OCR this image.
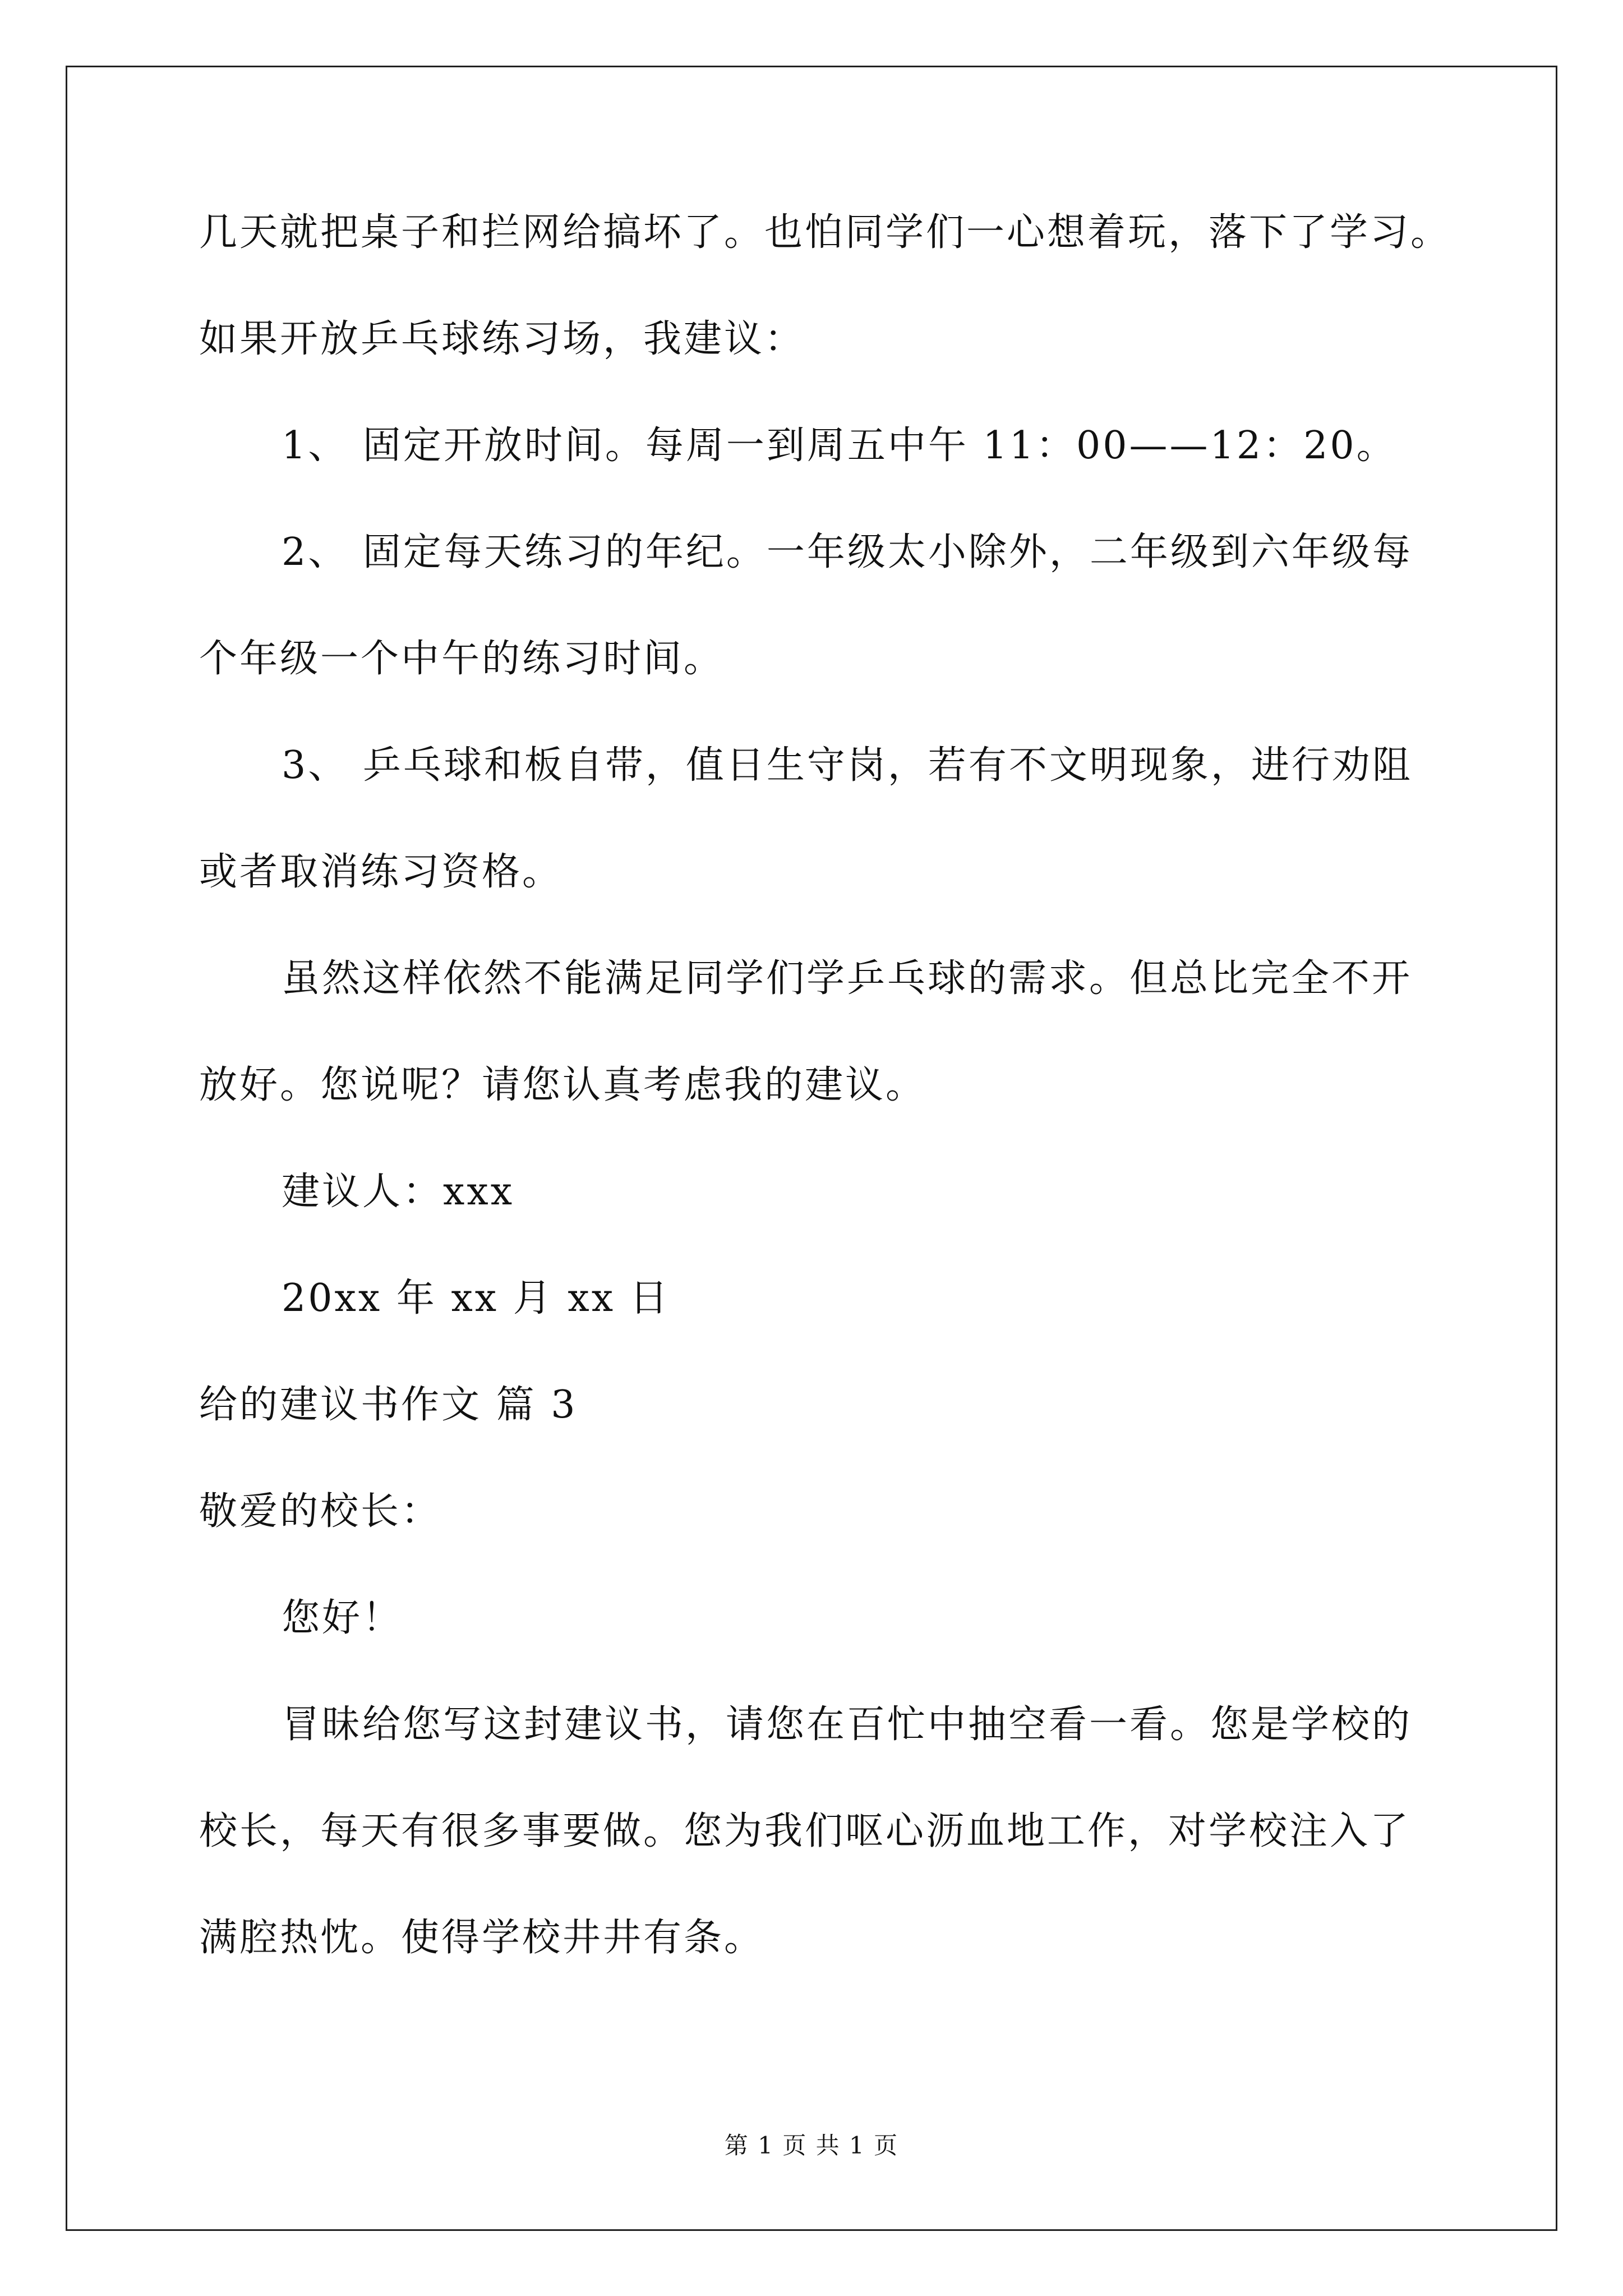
几天就把桌子和拦网给搞坏了。也怕同学们一心想着玩，落下了学习。
如果开放乒乓球练习场，我建议：
1、 固定开放时间。每周一到周五中午 11：00——12：20。
2、 固定每天练习的年纪。一年级太小除外，二年级到六年级每
个年级一个中午的练习时间。
3、 乒乓球和板自带，值日生守岗，若有不文明现象，进行劝阻
或者取消练习资格。
虽然这样依然不能满足同学们学乒乓球的需求。但总比完全不开
放好。您说呢？请您认真考虑我的建议。
建议人：xxx
20xx 年 xx 月 xx 日
给的建议书作文 篇 3
敬爱的校长：
您好！
冒昧给您写这封建议书，请您在百忙中抽空看一看。您是学校的
校长，每天有很多事要做。您为我们呕心沥血地工作，对学校注入了
满腔热忱。使得学校井井有条。
第 1 页 共 1 页
